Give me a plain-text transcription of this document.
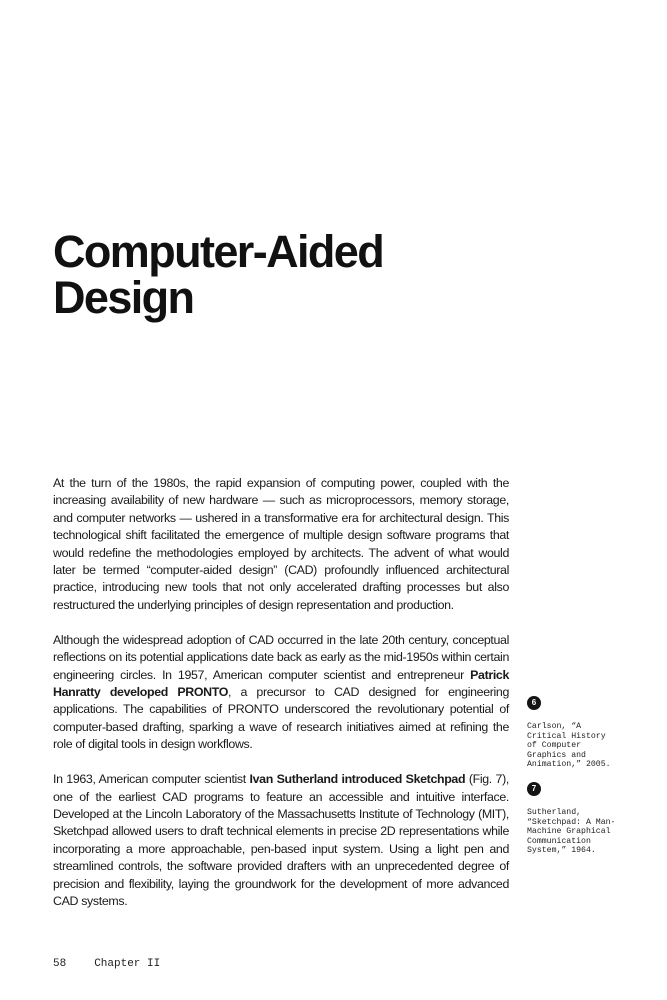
Computer-Aided
Design

At the turn of the 1980s, the rapid expansion of computing power, coupled with the increasing availability of new hardware — such as microprocessors, memory storage, and computer networks — ushered in a transformative era for architectural design. This technological shift facilitated the emergence of multiple design software programs that would redefine the methodologies employed by architects. The advent of what would later be termed “computer-aided design” (CAD) profoundly influenced architectural practice, introducing new tools that not only accelerated drafting processes but also restructured the underlying principles of design representation and production.

Although the widespread adoption of CAD occurred in the late 20th century, conceptual reflections on its potential applications date back as early as the mid-1950s within certain engineering circles. In 1957, American computer scientist and entrepreneur Patrick Hanratty developed PRONTO, a precursor to CAD designed for engineering applications. The capabilities of PRONTO underscored the revolutionary potential of computer-based drafting, sparking a wave of research initiatives aimed at refining the role of digital tools in design workflows.

In 1963, American computer scientist Ivan Sutherland introduced Sketchpad (Fig. 7), one of the earliest CAD programs to feature an accessible and intuitive interface. Developed at the Lincoln Laboratory of the Massachusetts Institute of Technology (MIT), Sketchpad allowed users to draft technical elements in precise 2D representations while incorporating a more approachable, pen-based input system. Using a light pen and streamlined controls, the software provided drafters with an unprecedented degree of precision and flexibility, laying the groundwork for the development of more advanced CAD systems.

6
Carlson, “A
Critical History
of Computer
Graphics and
Animation,” 2005.
7
Sutherland,
“Sketchpad: A Man-
Machine Graphical
Communication
System,” 1964.
58	Chapter II
